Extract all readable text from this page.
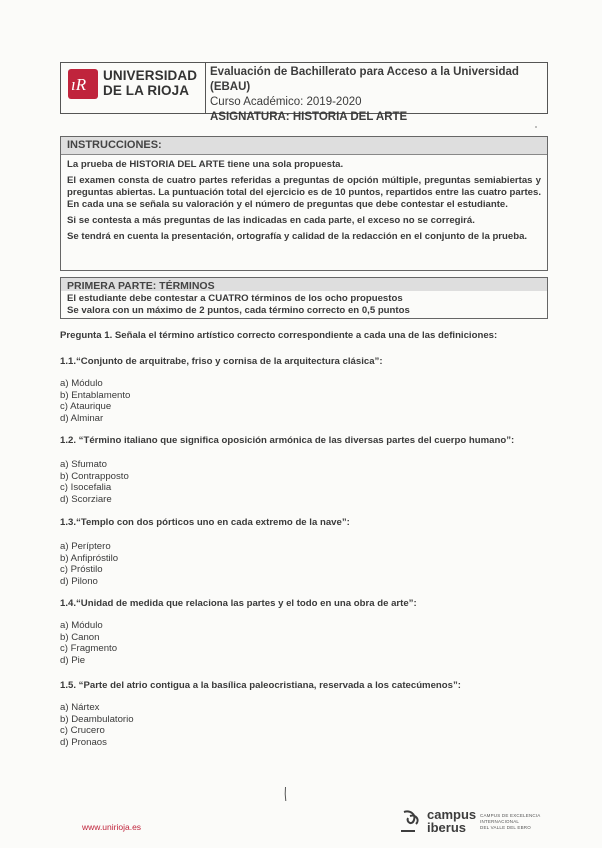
ıR UNIVERSIDAD
DE LA RIOJA
Evaluación de Bachillerato para Acceso a la Universidad (EBAU)
Curso Académico: 2019-2020
ASIGNATURA: HISTORIA DEL ARTE
INSTRUCCIONES:

La prueba de HISTORIA DEL ARTE tiene una sola propuesta.

El examen consta de cuatro partes referidas a preguntas de opción múltiple, preguntas semiabiertas y preguntas abiertas. La puntuación total del ejercicio es de 10 puntos, repartidos entre las cuatro partes. En cada una se señala su valoración y el número de preguntas que debe contestar el estudiante.

Si se contesta a más preguntas de las indicadas en cada parte, el exceso no se corregirá.

Se tendrá en cuenta la presentación, ortografía y calidad de la redacción en el conjunto de la prueba.

PRIMERA PARTE: TÉRMINOS
El estudiante debe contestar a CUATRO términos de los ocho propuestos
Se valora con un máximo de 2 puntos, cada término correcto en 0,5 puntos
Pregunta 1. Señala el término artístico correcto correspondiente a cada una de las definiciones:
1.1.“Conjunto de arquitrabe, friso y cornisa de la arquitectura clásica”:
a) Módulo
b) Entablamento
c) Ataurique
d) Alminar
1.2. “Término italiano que significa oposición armónica de las diversas partes del cuerpo humano”:
a) Sfumato
b) Contrapposto
c) Isocefalia
d) Scorziare
1.3.“Templo con dos pórticos uno en cada extremo de la nave”:
a) Períptero
b) Anfipróstilo
c) Próstilo
d) Pilono
1.4.“Unidad de medida que relaciona las partes y el todo en una obra de arte”:
a) Módulo
b) Canon
c) Fragmento
d) Pie
1.5. “Parte del atrio contigua a la basílica paleocristiana, reservada a los catecúmenos”:
a) Nártex
b) Deambulatorio
c) Crucero
d) Pronaos
www.unirioja.es
campus
iberus
CAMPUS DE EXCELENCIA
INTERNACIONAL
DEL VALLE DEL EBRO
